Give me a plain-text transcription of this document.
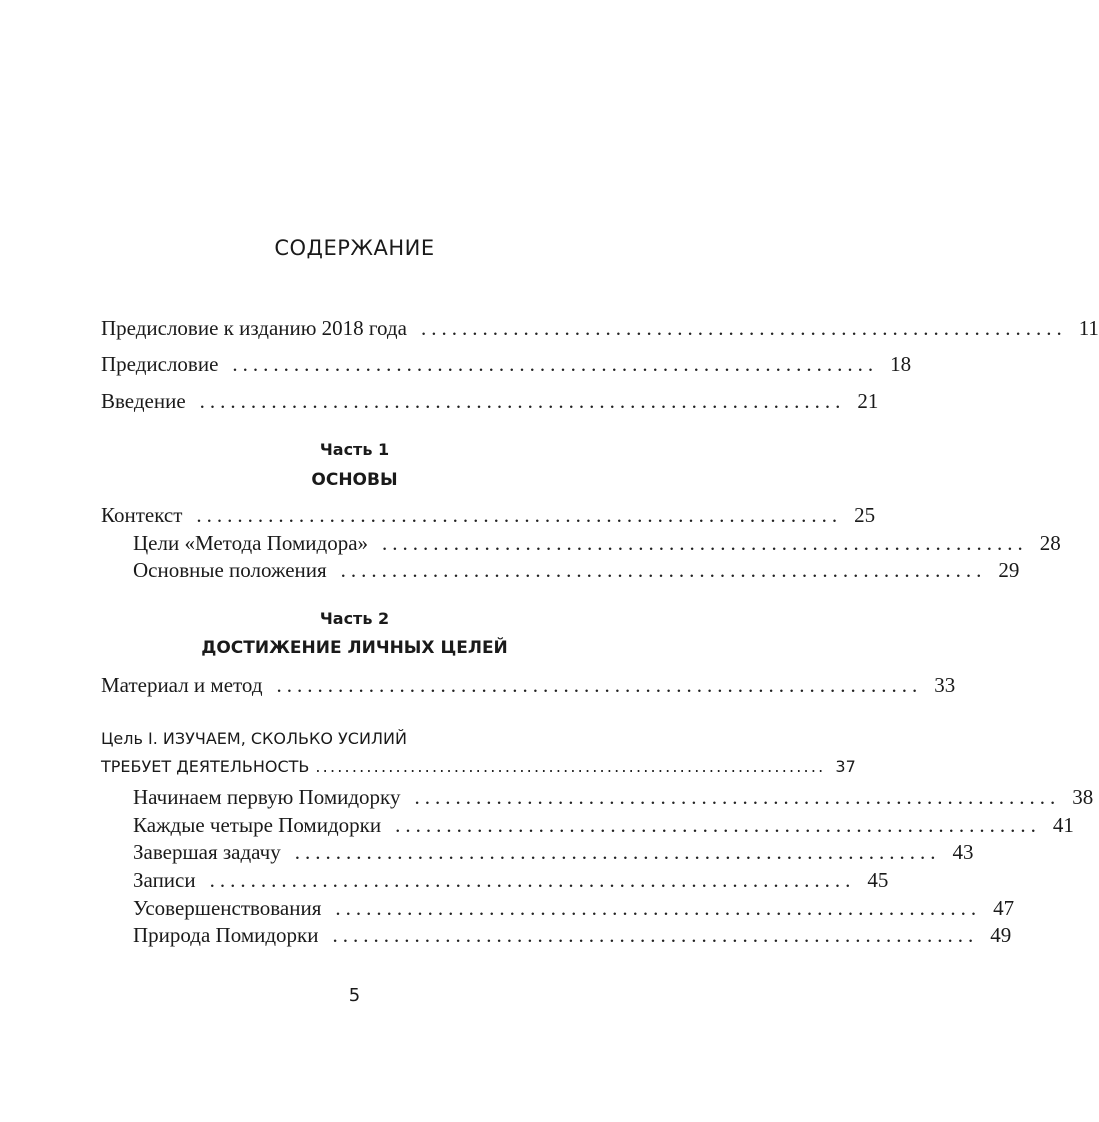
СОДЕРЖАНИЕ
Предисловие к изданию 2018 года ............................................................... 11
Предисловие ............................................................... 18
Введение ............................................................... 21
Часть 1
ОСНОВЫ
Контекст ............................................................... 25
Цели «Метода Помидора» ............................................................... 28
Основные положения ............................................................... 29
Часть 2
ДОСТИЖЕНИЕ ЛИЧНЫХ ЦЕЛЕЙ
Материал и метод ............................................................... 33
Цель I. ИЗУЧАЕМ, СКОЛЬКО УСИЛИЙ
ТРЕБУЕТ ДЕЯТЕЛЬНОСТЬ ...................................................................... 37
Начинаем первую Помидорку ............................................................... 38
Каждые четыре Помидорки ............................................................... 41
Завершая задачу ............................................................... 43
Записи ............................................................... 45
Усовершенствования ............................................................... 47
Природа Помидорки ............................................................... 49
5
